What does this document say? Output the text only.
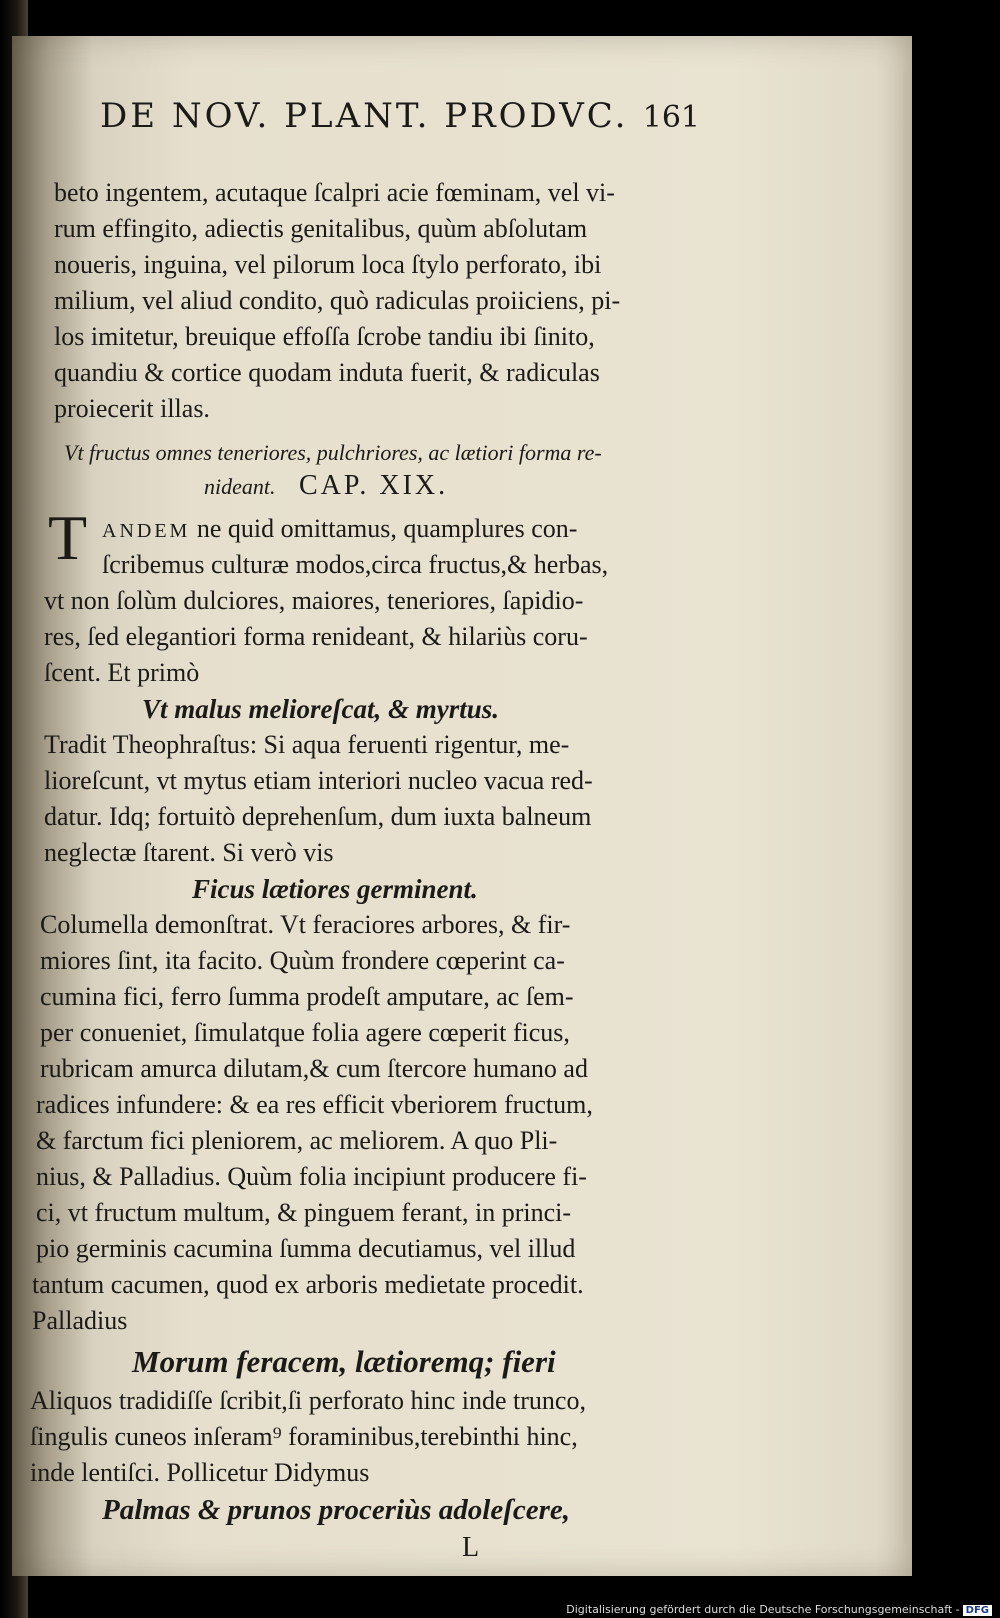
DE NOV. PLANT. PRODVC. 161
beto ingentem, acutaque ſcalpri acie fœminam, vel vi-
rum effingito, adiectis genitalibus, quùm abſolutam
noueris, inguina, vel pilorum loca ſtylo perforato, ibi
milium, vel aliud condito, quò radiculas proiiciens, pi-
los imitetur, breuique effoſſa ſcrobe tandiu ibi ſinito,
quandiu & cortice quodam induta fuerit, & radiculas
proiecerit illas.
Vt fructus omnes teneriores, pulchriores, ac lætiori forma re-
nideant. CAP. XIX.
T ANDEM ne quid omittamus, quamplures con-
ſcribemus culturæ modos,circa fructus,& herbas,
vt non ſolùm dulciores, maiores, teneriores, ſapidio-
res, ſed elegantiori forma renideant, & hilariùs coru-
ſcent. Et primò
Vt malus melioreſcat, & myrtus.
Tradit Theophraſtus: Si aqua feruenti rigentur, me-
lioreſcunt, vt mytus etiam interiori nucleo vacua red-
datur. Idq; fortuitò deprehenſum, dum iuxta balneum
neglectæ ſtarent. Si verò vis
Ficus lætiores germinent.
Columella demonſtrat. Vt feraciores arbores, & fir-
miores ſint, ita facito. Quùm frondere cœperint ca-
cumina fici, ferro ſumma prodeſt amputare, ac ſem-
per conueniet, ſimulatque folia agere cœperit ficus,
rubricam amurca dilutam,& cum ſtercore humano ad
radices infundere: & ea res efficit vberiorem fructum,
& farctum fici pleniorem, ac meliorem. A quo Pli-
nius, & Palladius. Quùm folia incipiunt producere fi-
ci, vt fructum multum, & pinguem ferant, in princi-
pio germinis cacumina ſumma decutiamus, vel illud
tantum cacumen, quod ex arboris medietate procedit.
Palladius
Morum feracem, lætioremq; fieri
Aliquos tradidiſſe ſcribit,ſi perforato hinc inde trunco,
ſingulis cuneos inſeram⁹ foraminibus,terebinthi hinc,
inde lentiſci. Pollicetur Didymus
Palmas & prunos proceriùs adoleſcere,
L
Digitalisierung gefördert durch die Deutsche Forschungsgemeinschaft - DFG
